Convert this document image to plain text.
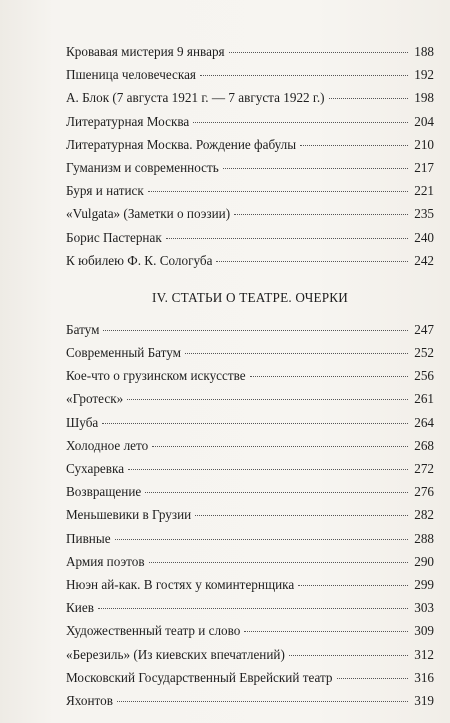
Кровавая мистерия 9 января	188
Пшеница человеческая	192
А. Блок (7 августа 1921 г. — 7 августа 1922 г.)	198
Литературная Москва	204
Литературная Москва. Рождение фабулы	210
Гуманизм и современность	217
Буря и натиск	221
«Vulgata» (Заметки о поэзии)	235
Борис Пастернак	240
К юбилею Ф. К. Сологуба	242
IV. СТАТЬИ О ТЕАТРЕ. ОЧЕРКИ
Батум	247
Современный Батум	252
Кое-что о грузинском искусстве	256
«Гротеск»	261
Шуба	264
Холодное лето	268
Сухаревка	272
Возвращение	276
Меньшевики в Грузии	282
Пивные	288
Армия поэтов	290
Нюэн ай-как. В гостях у коминтернщика	299
Киев	303
Художественный театр и слово	309
«Березиль» (Из киевских впечатлений)	312
Московский Государственный Еврейский театр	316
Яхонтов	319
